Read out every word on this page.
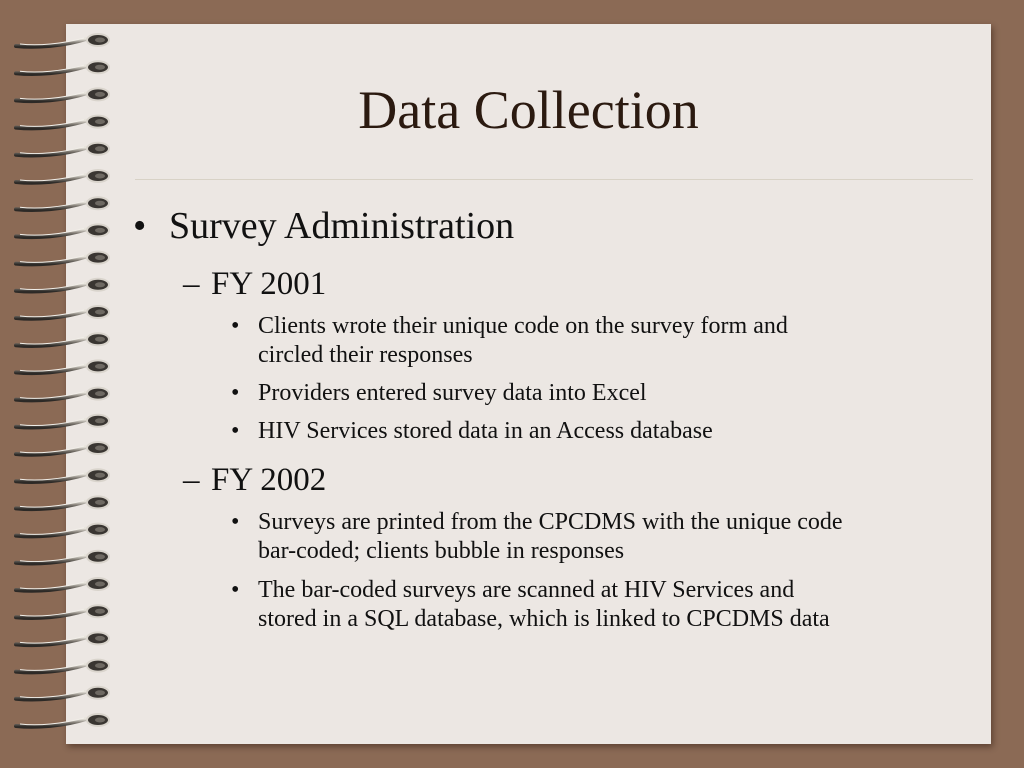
Data Collection
• Survey Administration
– FY 2001
• Clients wrote their unique code on the survey form and
circled their responses
• Providers entered survey data into Excel
• HIV Services stored data in an Access database
– FY 2002
• Surveys are printed from the CPCDMS with the unique code
bar-coded; clients bubble in responses
• The bar-coded surveys are scanned at HIV Services and
stored in a SQL database, which is linked to CPCDMS data
